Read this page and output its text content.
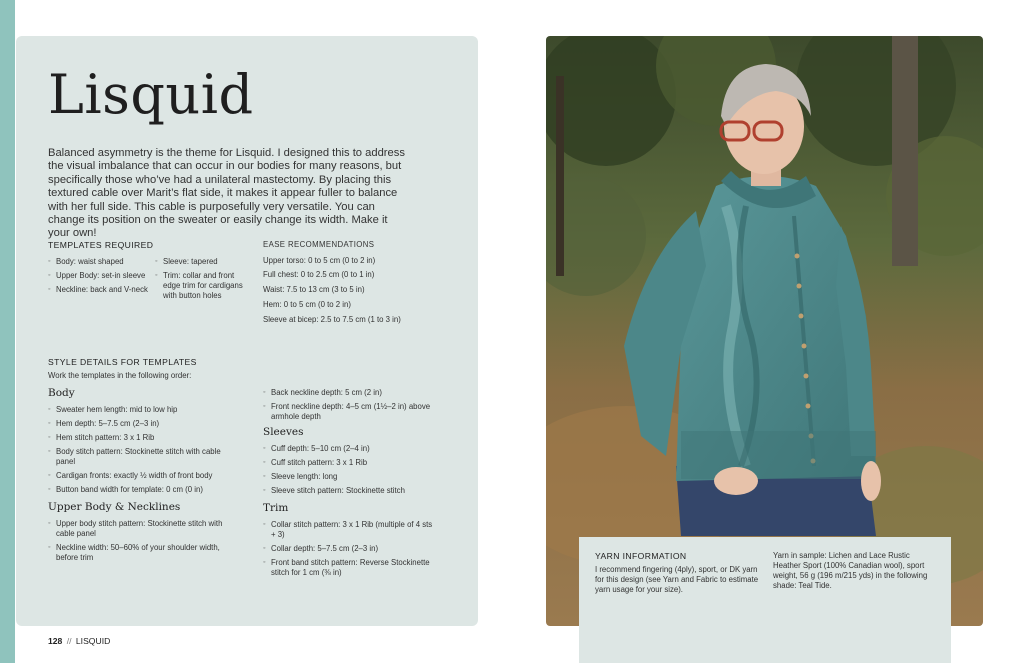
Lisquid
Balanced asymmetry is the theme for Lisquid. I designed this to address the visual imbalance that can occur in our bodies for many reasons, but specifically those who’ve had a unilateral mastectomy. By placing this textured cable over Marit’s flat side, it makes it appear fuller to balance with her full side. This cable is purposefully very versatile. You can change its position on the sweater or easily change its width. Make it your own!

TEMPLATES REQUIRED

◦ Body: waist shaped
◦ Upper Body: set-in sleeve
◦ Neckline: back and V-neck
◦ Sleeve: tapered
◦ Trim: collar and front edge trim for cardigans with button holes

EASE RECOMMENDATIONS

Upper torso: 0 to 5 cm (0 to 2 in)

Full chest: 0 to 2.5 cm (0 to 1 in)

Waist: 7.5 to 13 cm (3 to 5 in)

Hem: 0 to 5 cm (0 to 2 in)

Sleeve at bicep: 2.5 to 7.5 cm (1 to 3 in)

STYLE DETAILS FOR TEMPLATES

Work the templates in the following order:

Body

◦ Sweater hem length: mid to low hip
◦ Hem depth: 5–7.5 cm (2–3 in)
◦ Hem stitch pattern: 3 x 1 Rib
◦ Body stitch pattern: Stockinette stitch with cable panel
◦ Cardigan fronts: exactly ½ width of front body
◦ Button band width for template: 0 cm (0 in)

Upper Body & Necklines

◦ Upper body stitch pattern: Stockinette stitch with cable panel
◦ Neckline width: 50–60% of your shoulder width, before trim
◦ Back neckline depth: 5 cm (2 in)
◦ Front neckline depth: 4–5 cm (1½–2 in) above armhole depth

Sleeves

◦ Cuff depth: 5–10 cm (2–4 in)
◦ Cuff stitch pattern: 3 x 1 Rib
◦ Sleeve length: long
◦ Sleeve stitch pattern: Stockinette stitch

Trim

◦ Collar stitch pattern: 3 x 1 Rib (multiple of 4 sts + 3)
◦ Collar depth: 5–7.5 cm (2–3 in)
◦ Front band stitch pattern: Reverse Stockinette stitch for 1 cm (⅜ in)
YARN INFORMATION
I recommend fingering (4ply), sport, or DK yarn for this design (see Yarn and Fabric to estimate yarn usage for your size).
Yarn in sample: Lichen and Lace Rustic Heather Sport (100% Canadian wool), sport weight, 56 g (196 m/215 yds) in the following shade: Teal Tide.
128 // LISQUID
